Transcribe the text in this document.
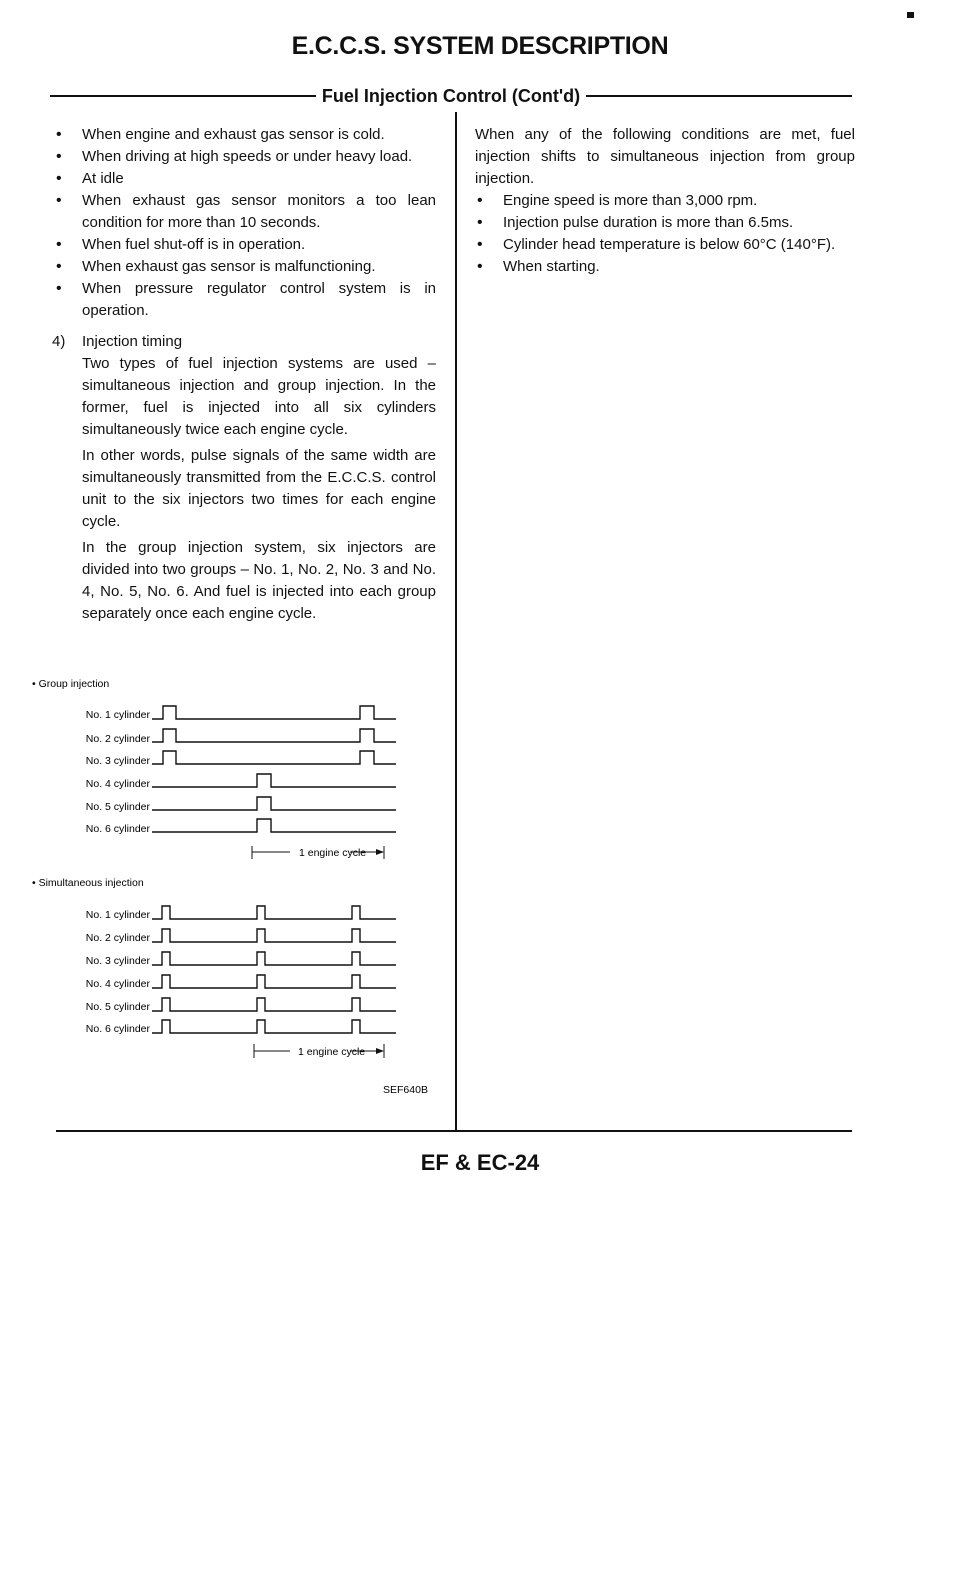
E.C.C.S. SYSTEM DESCRIPTION
Fuel Injection Control (Cont'd)
• When engine and exhaust gas sensor is cold.
• When driving at high speeds or under heavy load.
• At idle
• When exhaust gas sensor monitors a too lean condition for more than 10 seconds.
• When fuel shut-off is in operation.
• When exhaust gas sensor is malfunctioning.
• When pressure regulator control system is in operation.
4)	Injection timing

Two types of fuel injection systems are used – simultaneous injection and group injection. In the former, fuel is injected into all six cylinders simultaneously twice each engine cycle.

In other words, pulse signals of the same width are simultaneously transmitted from the E.C.C.S. control unit to the six injectors two times for each engine cycle.

In the group injection system, six injectors are divided into two groups – No. 1, No. 2, No. 3 and No. 4, No. 5, No. 6. And fuel is injected into each group separately once each engine cycle.

When any of the following conditions are met, fuel injection shifts to simultaneous injection from group injection.
• Engine speed is more than 3,000 rpm.
• Injection pulse duration is more than 6.5ms.
• Cylinder head temperature is below 60°C (140°F).
• When starting.
• Group injection
No. 1 cylinder
No. 2 cylinder
No. 3 cylinder
No. 4 cylinder
No. 5 cylinder
No. 6 cylinder
1 engine cycle
• Simultaneous injection
No. 1 cylinder
No. 2 cylinder
No. 3 cylinder
No. 4 cylinder
No. 5 cylinder
No. 6 cylinder
1 engine cycle
SEF640B
EF & EC-24
